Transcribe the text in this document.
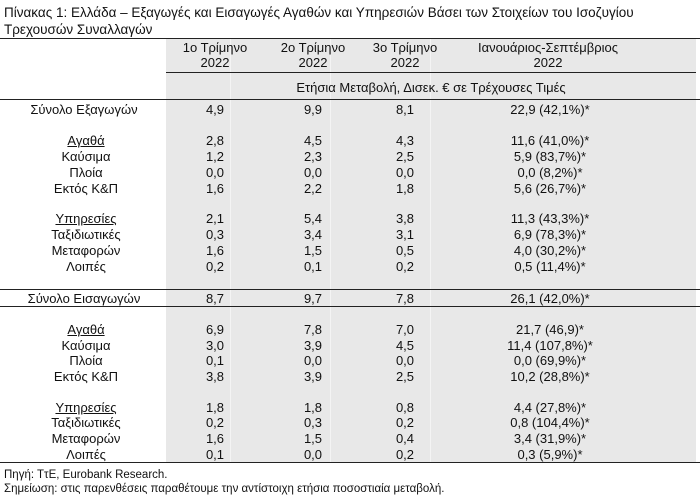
Πίνακας 1: Ελλάδα – Εξαγωγές και Εισαγωγές Αγαθών και Υπηρεσιών Βάσει των Στοιχείων του Ισοζυγίου Τρεχουσών Συναλλαγών
1ο Τρίμηνο
2022
2ο Τρίμηνο
2022
3ο Τρίμηνο
2022
Ιανουάριος-Σεπτέμβριος
2022
Ετήσια Μεταβολή, Δισεκ. € σε Τρέχουσες Τιμές
Σύνολο Εξαγωγών	4,9	9,9	8,1	22,9 (42,1%)*
Αγαθά	2,8	4,5	4,3	11,6 (41,0%)*
Καύσιμα	1,2	2,3	2,5	5,9 (83,7%)*
Πλοία	0,0	0,0	0,0	0,0 (8,2%)*
Εκτός Κ&Π	1,6	2,2	1,8	5,6 (26,7%)*
Υπηρεσίες	2,1	5,4	3,8	11,3 (43,3%)*
Ταξιδιωτικές	0,3	3,4	3,1	6,9 (78,3%)*
Μεταφορών	1,6	1,5	0,5	4,0 (30,2%)*
Λοιπές	0,2	0,1	0,2	0,5 (11,4%)*
Σύνολο Εισαγωγών	8,7	9,7	7,8	26,1 (42,0%)*
Αγαθά	6,9	7,8	7,0	21,7 (46,9)*
Καύσιμα	3,0	3,9	4,5	11,4 (107,8%)*
Πλοία	0,1	0,0	0,0	0,0 (69,9%)*
Εκτός Κ&Π	3,8	3,9	2,5	10,2 (28,8%)*
Υπηρεσίες	1,8	1,8	0,8	4,4 (27,8%)*
Ταξιδιωτικές	0,2	0,3	0,2	0,8 (104,4%)*
Μεταφορών	1,6	1,5	0,4	3,4 (31,9%)*
Λοιπές	0,1	0,0	0,2	0,3 (5,9%)*
Πηγή: ΤτΕ, Eurobank Research.
Σημείωση: στις παρενθέσεις παραθέτουμε την αντίστοιχη ετήσια ποσοστιαία μεταβολή.
